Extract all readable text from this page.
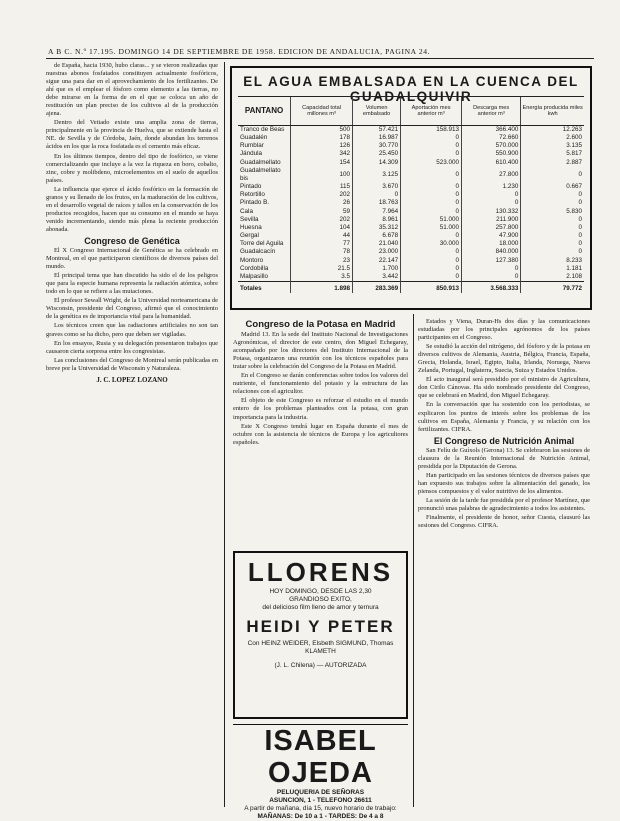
A B C. N.º 17.195. DOMINGO 14 DE SEPTIEMBRE DE 1958. EDICION DE ANDALUCIA, PAGINA 24.

de España, hacia 1930, hubo claras... y se vieron realizadas que nuestras abonos fosfatados constituyen actualmente fosfóricos, sigue una para dar en el aprovechamiento de los fertilizantes. De ahí que es el emplear el fósforo como elemento a las tierras, no debe mirarse en la forma de en el que se coloca un año de restitución un plan preciso de los cultivos al de la producción ajena.

Dentro del Vetiado existe una amplia zona de tierras, principalmente en la provincia de Huelva, que se extiende hasta el NE. de Sevilla y de Córdoba, Jaén, donde abundan los terrenos ácidos en los que la roca fosfatada es el cemento más eficaz.

En los últimos tiempos, dentro del tipo de fosfórico, se viene comercializando que incluye a la vez la riqueza en boro, cobalto, zinc, cobre y molibdeno, microelementos en el suelo de aquellos países.

La influencia que ejerce el ácido fosfórico en la formación de granos y su llenado de los frutos, en la maduración de los cultivos, en el desarrollo vegetal de raíces y tallos en la conservación de los productos recogidos, hacen que su consumo en el mundo se haya venido incrementando, siendo más plena la reciente producción abonada.

Congreso de Genética

El X Congreso Internacional de Genética se ha celebrado en Montreal, en el que participaron científicos de diversos países del mundo.

El principal tema que han discutido ha sido el de los peligros que para la especie humana representa la radiación atómica, sobre todo en lo que se refiere a las mutaciones.

El profesor Sewall Wright, de la Universidad norteamericana de Wisconsin, presidente del Congreso, afirmó que el conocimiento de la genética es de importancia vital para la humanidad.

Los técnicos creen que las radiaciones artificiales no son tan graves como se ha dicho, pero que deben ser vigiladas.

En los ensayos, Rusia y su delegación presentaron trabajos que causaron cierta sorpresa entre los congresistas.

Las conclusiones del Congreso de Montreal serán publicadas en breve por la Universidad de Wisconsin y Naturaleza.

J. C. LOPEZ LOZANO
EL AGUA EMBALSADA EN LA CUENCA DEL GUADALQUIVIR
PANTANO	Capacidad total millones m³	Volumen embalsado	Aportación mes anterior m³	Descarga mes anterior m³	Energía producida miles kwh
Tranco de Beas	500	57.421	158.913	366.400	12.263
Guadalén	178	16.987	0	72.660	2.600
Rumblar	126	30.770	0	570.000	3.135
Jándula	342	25.450	0	550.900	5.817
Guadalmellato	154	14.309	523.000	610.400	2.887
Guadalmellato bis	100	3.125	0	27.800	0
Pintado	115	3.670	0	1.230	0.667
Retortillo	202	0	0	0	0
Pintado B.	26	18.763	0	0	0
Cala	59	7.964	0	130.332	5.830
Sevilla	202	8.961	51.000	211.900	0
Huesna	104	35.312	51.000	257.800	0
Gergal	44	6.678	0	47.900	0
Torre del Aguila	77	21.040	30.000	18.000	0
Guadalcacín	78	23.000	0	840.000	0
Montoro	23	22.147	0	127.380	8.233
Cordobilla	21.5	1.700	0	0	1.181
Malpasillo	3.5	3.442	0	0	2.108
Totales	1.898	283.369	850.913	3.568.333	79.772
Congreso de la Potasa en Madrid

Madrid 13. En la sede del Instituto Nacional de Investigaciones Agronómicas, el director de este centro, don Miguel Echegaray, acompañado por los directores del Instituto Internacional de la Potasa, organizaron una reunión con los técnicos españoles para tratar sobre la celebración del Congreso de la Potasa en Madrid.

En el Congreso se darán conferencias sobre todos los valores del nutriente, el funcionamiento del potasio y la estructura de las relaciones con el agricultor.

El objeto de este Congreso es reforzar el estudio en el mundo entero de los problemas planteados con la potasa, con gran importancia para la industria.

Este X Congreso tendrá lugar en España durante el mes de octubre con la asistencia de técnicos de Europa y los agricultores españoles.

Estados y Viena, Duran-Hs dos días y las comunicaciones estudiadas por los principales agrónomos de los países participantes en el Congreso.

Se estudió la acción del nitrógeno, del fósforo y de la potasa en diversos cultivos de Alemania, Austria, Bélgica, Francia, España, Grecia, Holanda, Israel, Egipto, Italia, Irlanda, Noruega, Nueva Zelanda, Portugal, Inglaterra, Suecia, Suiza y Estados Unidos.

El acto inaugural será presidido por el ministro de Agricultura, don Cirilo Cánovas. Ha sido nombrado presidente del Congreso, que se celebrará en Madrid, don Miguel Echegaray.

En la conversación que ha sostenido con los periodistas, se explicaron los puntos de interés sobre los problemas de los cultivos en España, Alemania y Francia, y su relación con los fertilizantes. CIFRA.

El Congreso de Nutrición Animal

San Felíu de Guíxols (Gerona) 13. Se celebraron las sesiones de clausura de la Reunión Internacional de Nutrición Animal, presidida por la Diputación de Gerona.

Han participado en las sesiones técnicos de diversos países que han expuesto sus trabajos sobre la alimentación del ganado, los piensos compuestos y el valor nutritivo de los alimentos.

La sesión de la tarde fue presidida por el profesor Martínez, que pronunció unas palabras de agradecimiento a todos los asistentes.

Finalmente, el presidente de honor, señor Cuesta, clausuró las sesiones del Congreso. CIFRA.

LLORENS
HOY DOMINGO, DESDE LAS 2,30
GRANDIOSO EXITO,
del delicioso film lleno de amor y ternura
HEIDI Y PETER
Con HEINZ WEIDER, Elsbeth SIGMUND, Thomas KLAMETH
(J. L. Chilena) — AUTORIZADA
ISABEL OJEDA
PELUQUERIA DE SEÑORAS
ASUNCION, 1 - TELEFONO 26611
A partir de mañana, día 15, nuevo horario de trabajo:
MAÑANAS: De 10 a 1 - TARDES: De 4 a 8
